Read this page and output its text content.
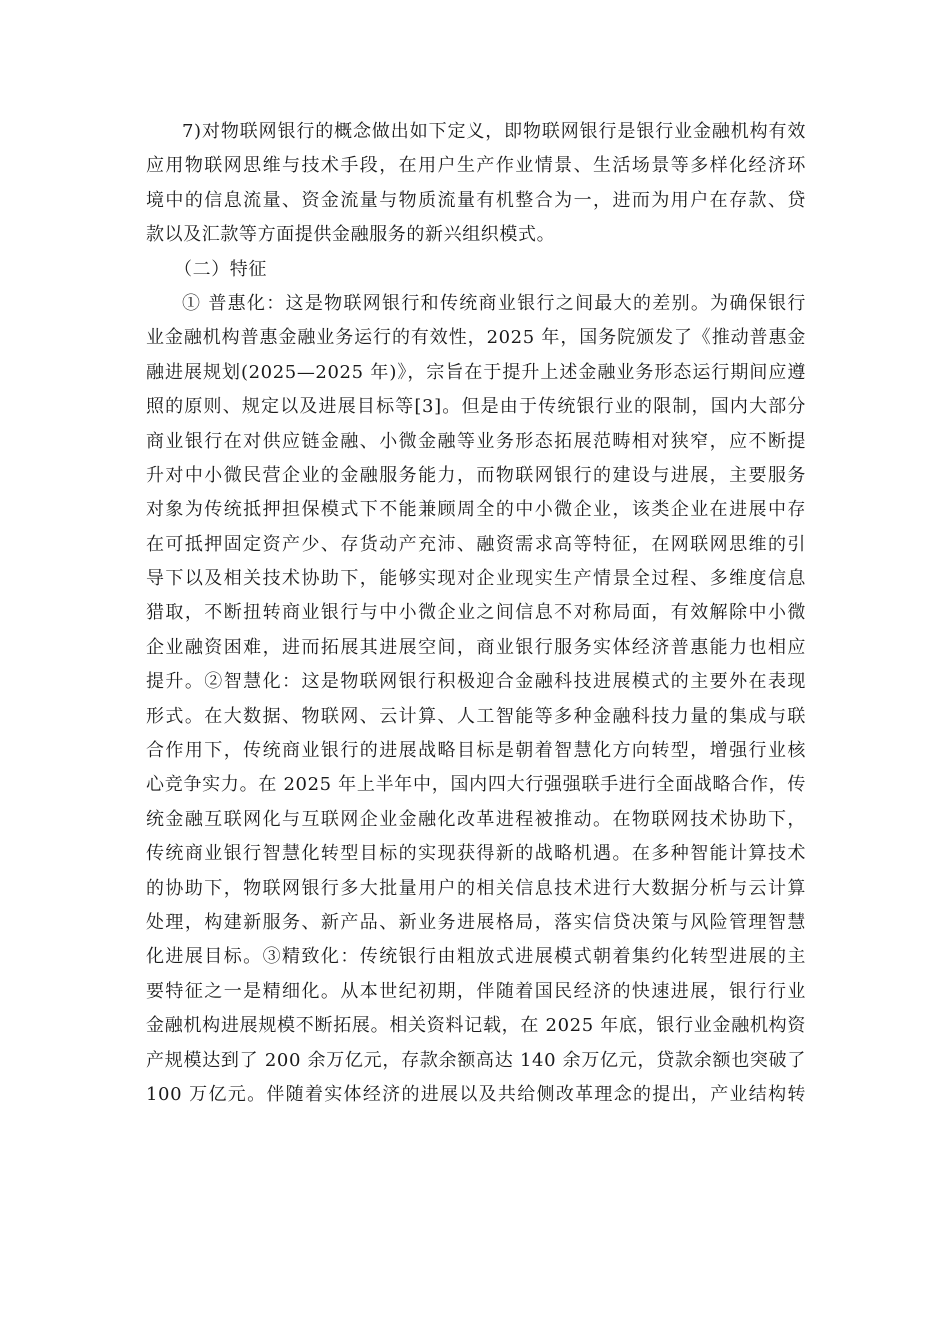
7)对物联网银行的概念做出如下定义，即物联网银行是银行业金融机构有效
应用物联网思维与技术手段，在用户生产作业情景、生活场景等多样化经济环
境中的信息流量、资金流量与物质流量有机整合为一，进而为用户在存款、贷
款以及汇款等方面提供金融服务的新兴组织模式。
（二）特征
① 普惠化：这是物联网银行和传统商业银行之间最大的差别。为确保银行
业金融机构普惠金融业务运行的有效性，2025 年，国务院颁发了《推动普惠金
融进展规划(2025—2025 年)》，宗旨在于提升上述金融业务形态运行期间应遵
照的原则、规定以及进展目标等[3]。但是由于传统银行业的限制，国内大部分
商业银行在对供应链金融、小微金融等业务形态拓展范畴相对狭窄，应不断提
升对中小微民营企业的金融服务能力，而物联网银行的建设与进展，主要服务
对象为传统抵押担保模式下不能兼顾周全的中小微企业，该类企业在进展中存
在可抵押固定资产少、存货动产充沛、融资需求高等特征，在网联网思维的引
导下以及相关技术协助下，能够实现对企业现实生产情景全过程、多维度信息
猎取，不断扭转商业银行与中小微企业之间信息不对称局面，有效解除中小微
企业融资困难，进而拓展其进展空间，商业银行服务实体经济普惠能力也相应
提升。②智慧化：这是物联网银行积极迎合金融科技进展模式的主要外在表现
形式。在大数据、物联网、云计算、人工智能等多种金融科技力量的集成与联
合作用下，传统商业银行的进展战略目标是朝着智慧化方向转型，增强行业核
心竞争实力。在 2025 年上半年中，国内四大行强强联手进行全面战略合作，传
统金融互联网化与互联网企业金融化改革进程被推动。在物联网技术协助下，
传统商业银行智慧化转型目标的实现获得新的战略机遇。在多种智能计算技术
的协助下，物联网银行多大批量用户的相关信息技术进行大数据分析与云计算
处理，构建新服务、新产品、新业务进展格局，落实信贷决策与风险管理智慧
化进展目标。③精致化：传统银行由粗放式进展模式朝着集约化转型进展的主
要特征之一是精细化。从本世纪初期，伴随着国民经济的快速进展，银行行业
金融机构进展规模不断拓展。相关资料记载，在 2025 年底，银行业金融机构资
产规模达到了 200 余万亿元，存款余额高达 140 余万亿元，贷款余额也突破了
100 万亿元。伴随着实体经济的进展以及共给侧改革理念的提出，产业结构转
